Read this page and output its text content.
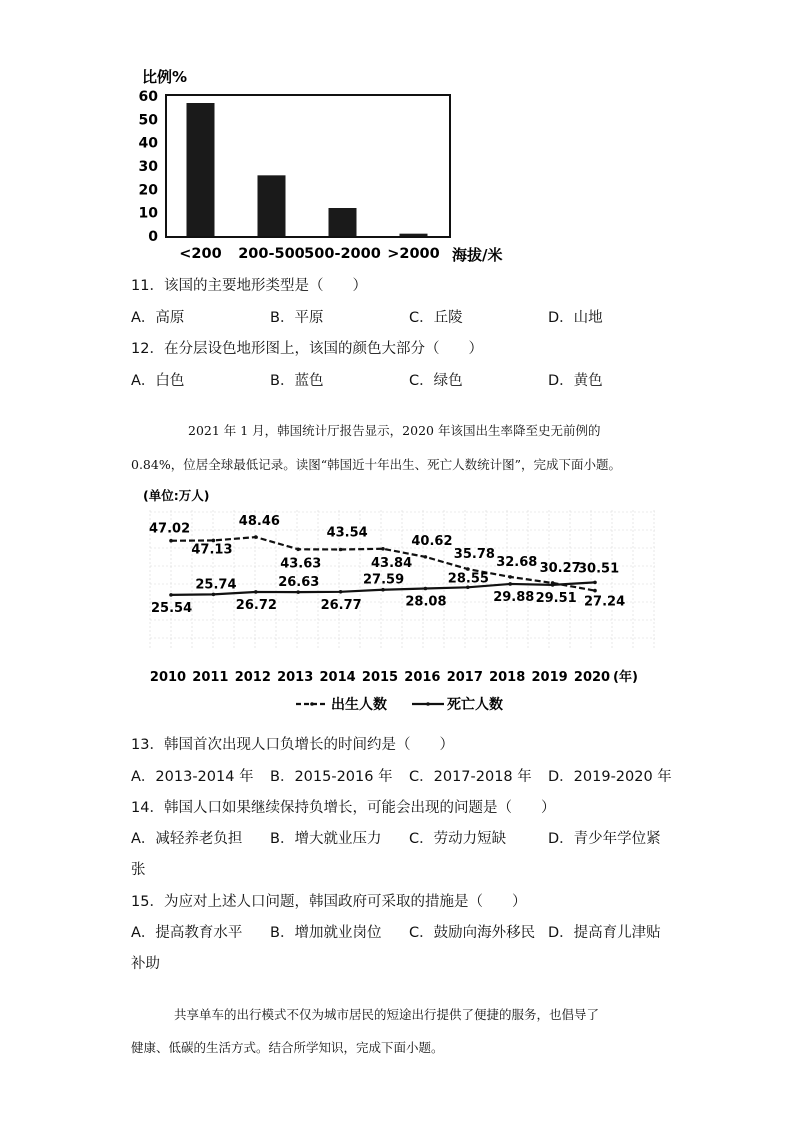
比例%
0
10
20
30
40
50
60
<200 200-500 500-2000 >2000 海拔/米
11．该国的主要地形类型是（　　）
A．高原	B．平原	C．丘陵	D．山地
12．在分层设色地形图上，该国的颜色大部分（　　）
A．白色	B．蓝色	C．绿色	D．黄色
2021 年 1 月，韩国统计厅报告显示，2020 年该国出生率降至史无前例的
0.84%，位居全球最低记录。读图“韩国近十年出生、死亡人数统计图”，完成下面小题。
(单位:万人)
47.02
47.13
48.46
43.63
43.54
43.84
40.62
35.78
32.68 30.27
27.24
25.54
25.74
26.72
26.63
26.77
27.59
28.08
28.55
29.88 29.51
30.51
2010 2011 2012 2013 2014 2015 2016 2017 2018 2019 2020 (年)
出生人数	死亡人数
13．韩国首次出现人口负增长的时间约是（　　）
A．2013-2014 年 B．2015-2016 年 C．2017-2018 年 D．2019-2020 年
14．韩国人口如果继续保持负增长，可能会出现的问题是（　　）
A．减轻养老负担 B．增大就业压力 C．劳动力短缺	D．青少年学位紧
张
15．为应对上述人口问题，韩国政府可采取的措施是（　　）
A．提高教育水平 B．增加就业岗位 C．鼓励向海外移民 D．提高育儿津贴
补助
共享单车的出行模式不仅为城市居民的短途出行提供了便捷的服务，也倡导了
健康、低碳的生活方式。结合所学知识，完成下面小题。
